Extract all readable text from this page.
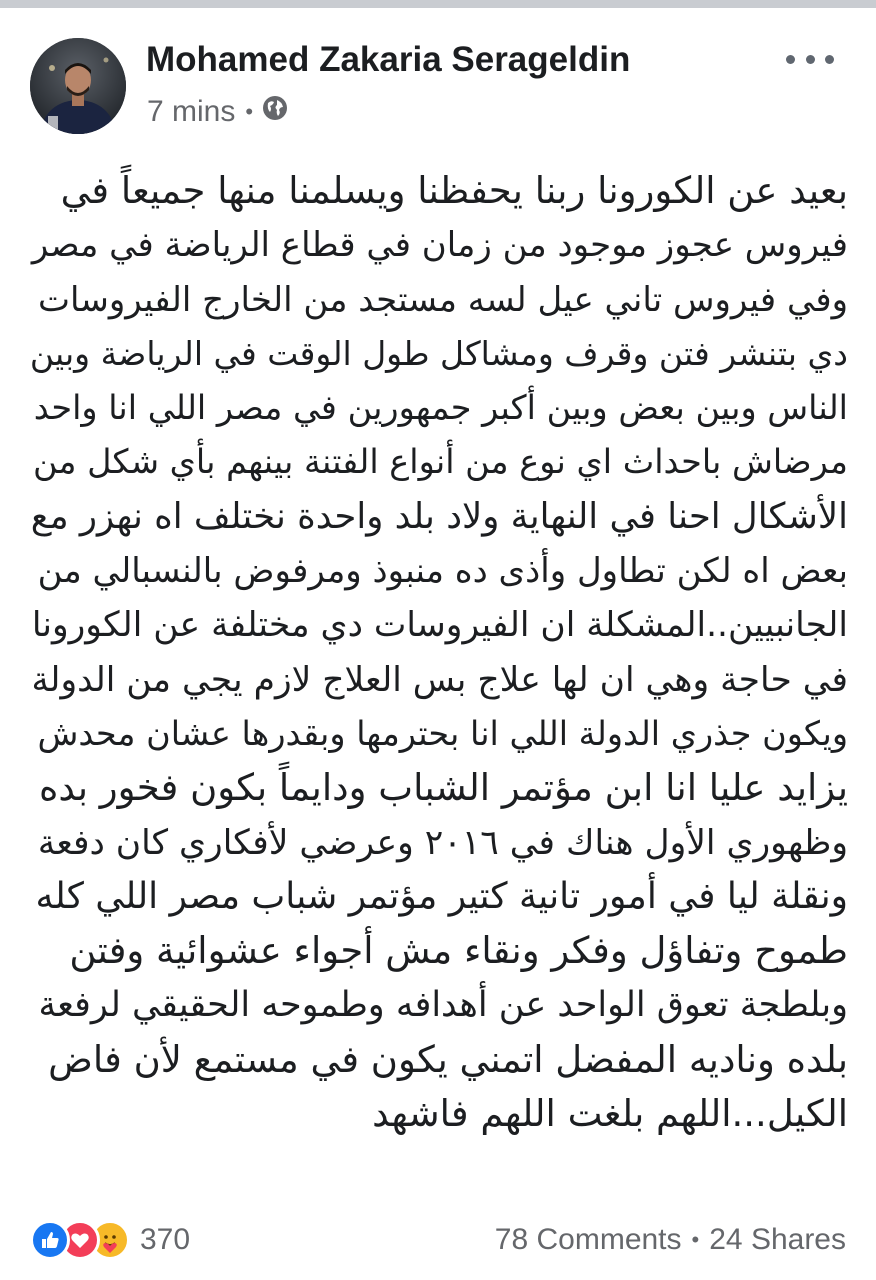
Mohamed Zakaria Serageldin
7 mins •
بعيد عن الكورونا ربنا يحفظنا ويسلمنا منها جميعاً في
فيروس عجوز موجود من زمان في قطاع الرياضة في مصر
وفي فيروس تاني عيل لسه مستجد من الخارج الفيروسات
دي بتنشر فتن وقرف ومشاكل طول الوقت في الرياضة وبين
الناس وبين بعض وبين أكبر جمهورين في مصر اللي انا واحد
مرضاش باحداث اي نوع من أنواع الفتنة بينهم بأي شكل من
الأشكال احنا في النهاية ولاد بلد واحدة نختلف اه نهزر مع
بعض اه لكن تطاول وأذى ده منبوذ ومرفوض بالنسبالي من
الجانبيين..المشكلة ان الفيروسات دي مختلفة عن الكورونا
في حاجة وهي ان لها علاج بس العلاج لازم يجي من الدولة
ويكون جذري الدولة اللي انا بحترمها وبقدرها عشان محدش
يزايد عليا انا ابن مؤتمر الشباب ودايماً بكون فخور بده
وظهوري الأول هناك في ٢٠١٦ وعرضي لأفكاري كان دفعة
ونقلة ليا في أمور تانية كتير مؤتمر شباب مصر اللي كله
طموح وتفاؤل وفكر ونقاء مش أجواء عشوائية وفتن
وبلطجة تعوق الواحد عن أهدافه وطموحه الحقيقي لرفعة
بلده وناديه المفضل اتمني يكون في مستمع لأن فاض
الكيل...اللهم بلغت اللهم فاشهد
370	78 Comments • 24 Shares
